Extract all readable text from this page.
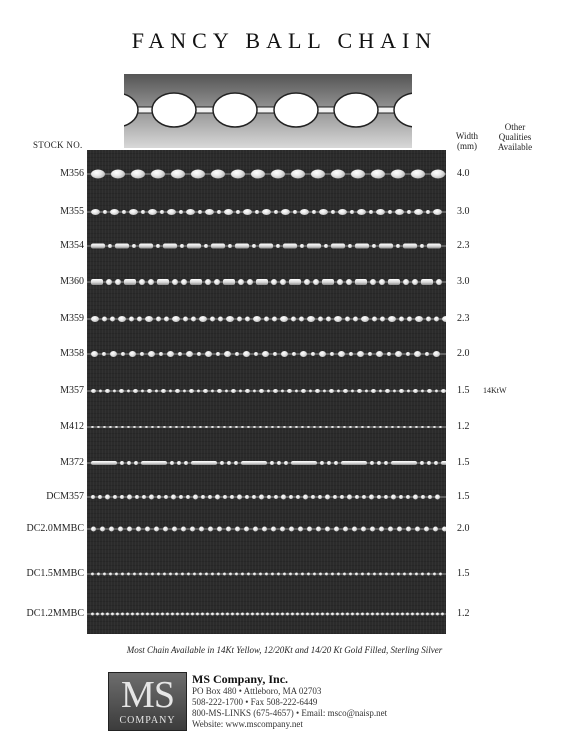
FANCY BALL CHAIN
STOCK NO.
Width
(mm)
Other
Qualities
Available
M356	4.0
M355	3.0
M354	2.3
M360	3.0
M359	2.3
M358	2.0
M357	1.5 14KtW
M412	1.2
M372	1.5
DCM357	1.5
DC2.0MMBC	2.0
DC1.5MMBC	1.5
DC1.2MMBC	1.2
Most Chain Available in 14Kt Yellow, 12/20Kt and 14/20 Kt Gold Filled, Sterling Silver
MS
COMPANY
MS Company, Inc.
PO Box 480 • Attleboro, MA 02703
508-222-1700 • Fax 508-222-6449
800-MS-LINKS (675-4657) • Email: msco@naisp.net
Website: www.mscompany.net
